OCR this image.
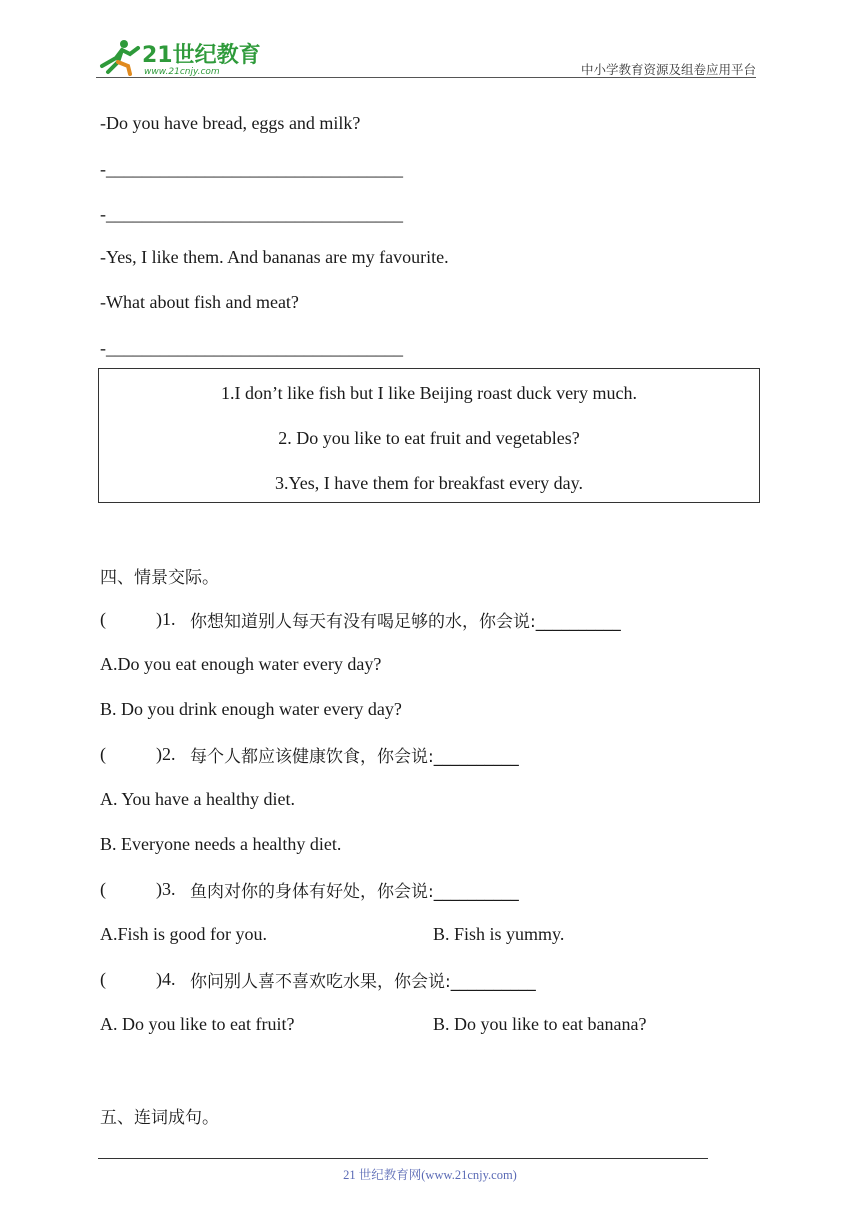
21世纪教育
www.21cnjy.com	中小学教育资源及组卷应用平台
-Do you have bread, eggs and milk?
-_________________________________
-_________________________________
-Yes, I like them. And bananas are my favourite.
-What about fish and meat?
-_________________________________
1.I don’t like fish but I like Beijing roast duck very much.
2. Do you like to eat fruit and vegetables?
3.Yes, I have them for breakfast every day.
四、情景交际。
(	)1. 你想知道别人每天有没有喝足够的水，你会说:__________
A.Do you eat enough water every day?
B. Do you drink enough water every day?
(	)2. 每个人都应该健康饮食，你会说:__________
A. You have a healthy diet.
B. Everyone needs a healthy diet.
(	)3. 鱼肉对你的身体有好处，你会说:__________
A.Fish is good for you.	B. Fish is yummy.
(	)4. 你问别人喜不喜欢吃水果，你会说:__________
A. Do you like to eat fruit?	B. Do you like to eat banana?
五、连词成句。
21 世纪教育网(www.21cnjy.com)
